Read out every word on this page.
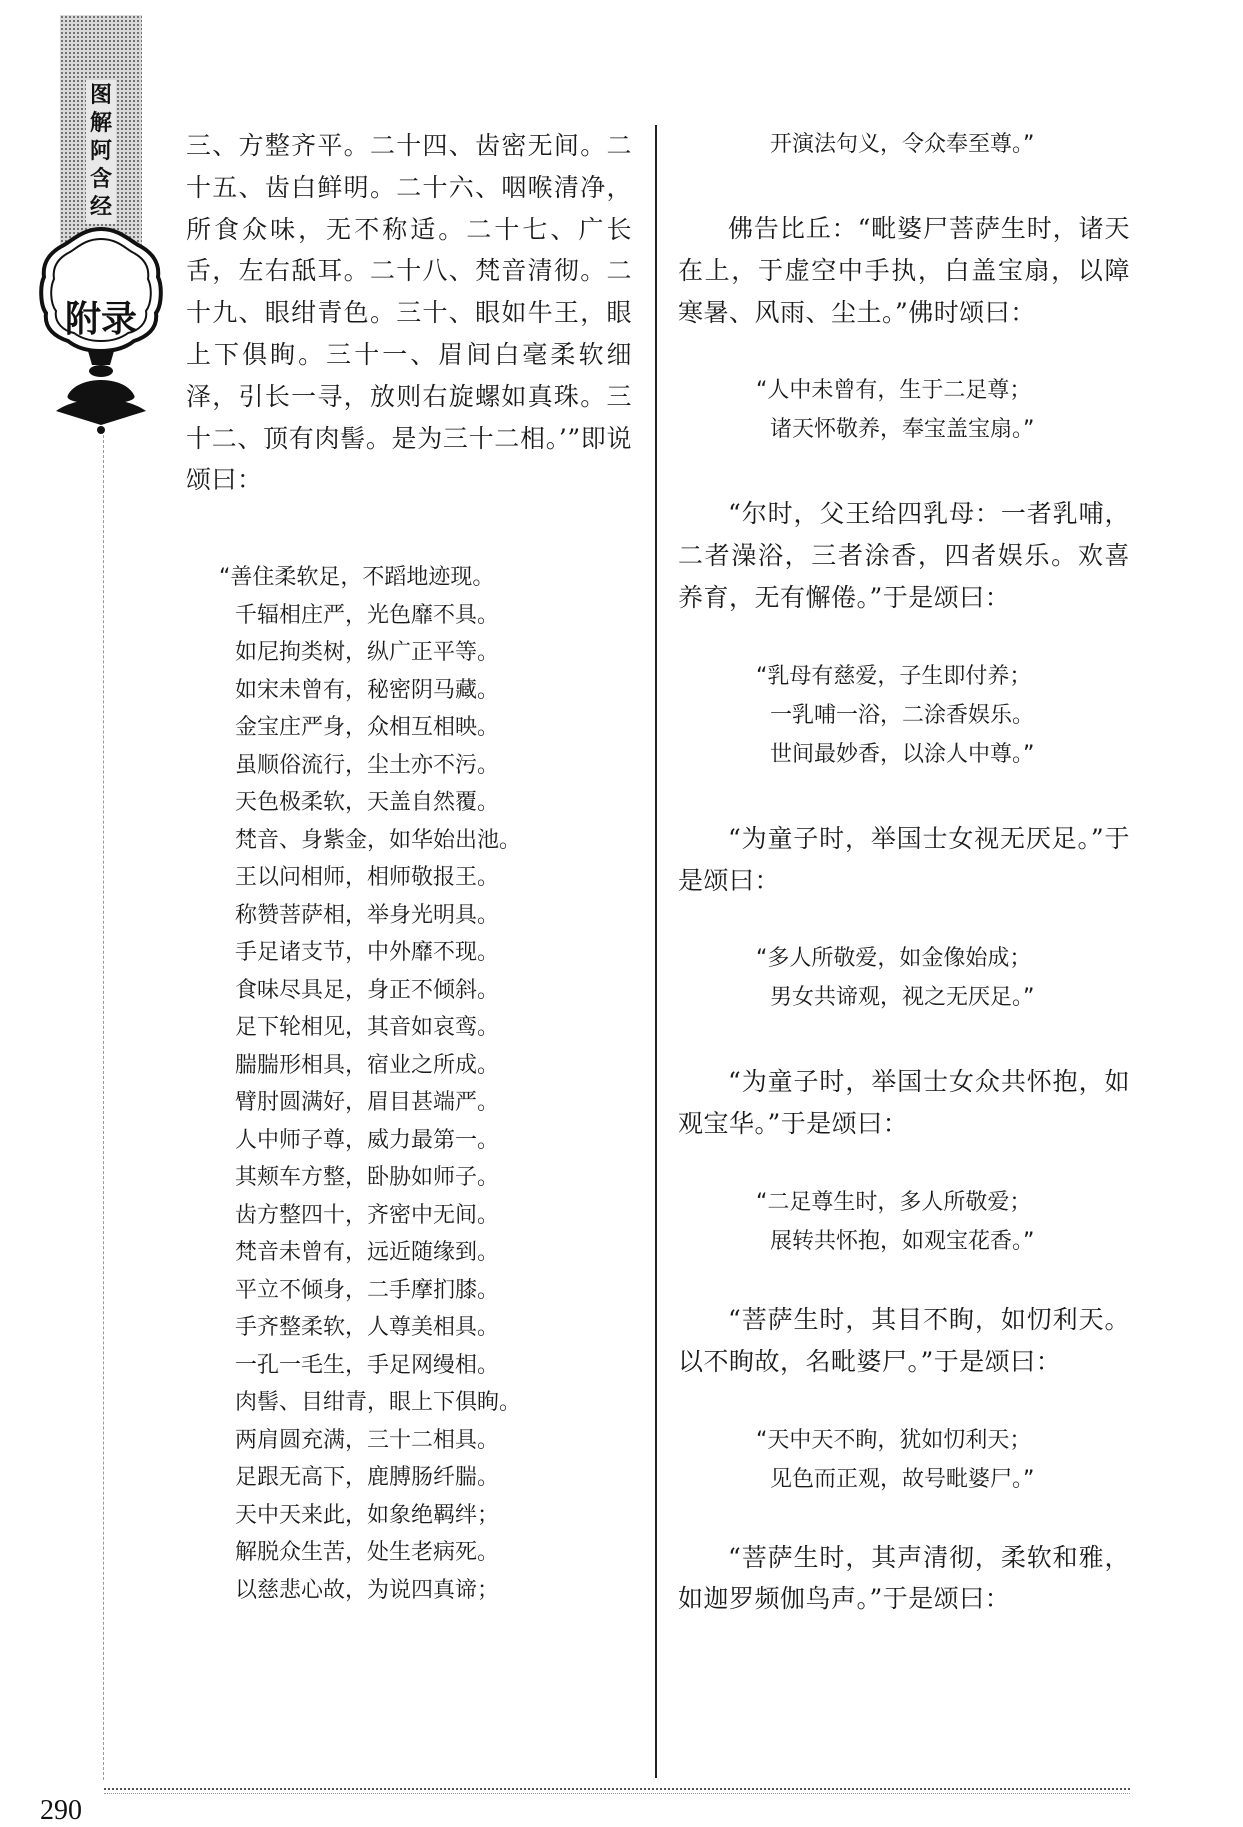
图
解
阿
含
经
附录

三、方整齐平。二十四、齿密无间。二十五、齿白鲜明。二十六、咽喉清净，所食众味，无不称适。二十七、广长舌，左右舐耳。二十八、梵音清彻。二十九、眼绀青色。三十、眼如牛王，眼上下俱眴。三十一、眉间白毫柔软细泽，引长一寻，放则右旋螺如真珠。三十二、顶有肉髻。是为三十二相。’”即说颂曰：

“善住柔软足，不蹈地迹现。
千辐相庄严，光色靡不具。
如尼拘类树，纵广正平等。
如宋未曾有，秘密阴马藏。
金宝庄严身，众相互相映。
虽顺俗流行，尘土亦不污。
天色极柔软，天盖自然覆。
梵音、身紫金，如华始出池。
王以问相师，相师敬报王。
称赞菩萨相，举身光明具。
手足诸支节，中外靡不现。
食味尽具足，身正不倾斜。
足下轮相见，其音如哀鸾。
腨腨形相具，宿业之所成。
臂肘圆满好，眉目甚端严。
人中师子尊，威力最第一。
其颊车方整，卧胁如师子。
齿方整四十，齐密中无间。
梵音未曾有，远近随缘到。
平立不倾身，二手摩扪膝。
手齐整柔软，人尊美相具。
一孔一毛生，手足网缦相。
肉髻、目绀青，眼上下俱眴。
两肩圆充满，三十二相具。
足跟无高下，鹿膊肠纤腨。
天中天来此，如象绝羁绊；
解脱众生苦，处生老病死。
以慈悲心故，为说四真谛；
开演法句义，令众奉至尊。”

佛告比丘：“毗婆尸菩萨生时，诸天在上，于虚空中手执，白盖宝扇，以障寒暑、风雨、尘土。”佛时颂曰：

“人中未曾有，生于二足尊；
诸天怀敬养，奉宝盖宝扇。”

“尔时，父王给四乳母：一者乳哺，二者澡浴，三者涂香，四者娱乐。欢喜养育，无有懈倦。”于是颂曰：

“乳母有慈爱，子生即付养；
一乳哺一浴，二涂香娱乐。
世间最妙香，以涂人中尊。”

“为童子时，举国士女视无厌足。”于是颂曰：

“多人所敬爱，如金像始成；
男女共谛观，视之无厌足。”

“为童子时，举国士女众共怀抱，如观宝华。”于是颂曰：

“二足尊生时，多人所敬爱；
展转共怀抱，如观宝花香。”

“菩萨生时，其目不眴，如忉利天。以不眴故，名毗婆尸。”于是颂曰：

“天中天不眴，犹如忉利天；
见色而正观，故号毗婆尸。”

“菩萨生时，其声清彻，柔软和雅，如迦罗频伽鸟声。”于是颂曰：

290
